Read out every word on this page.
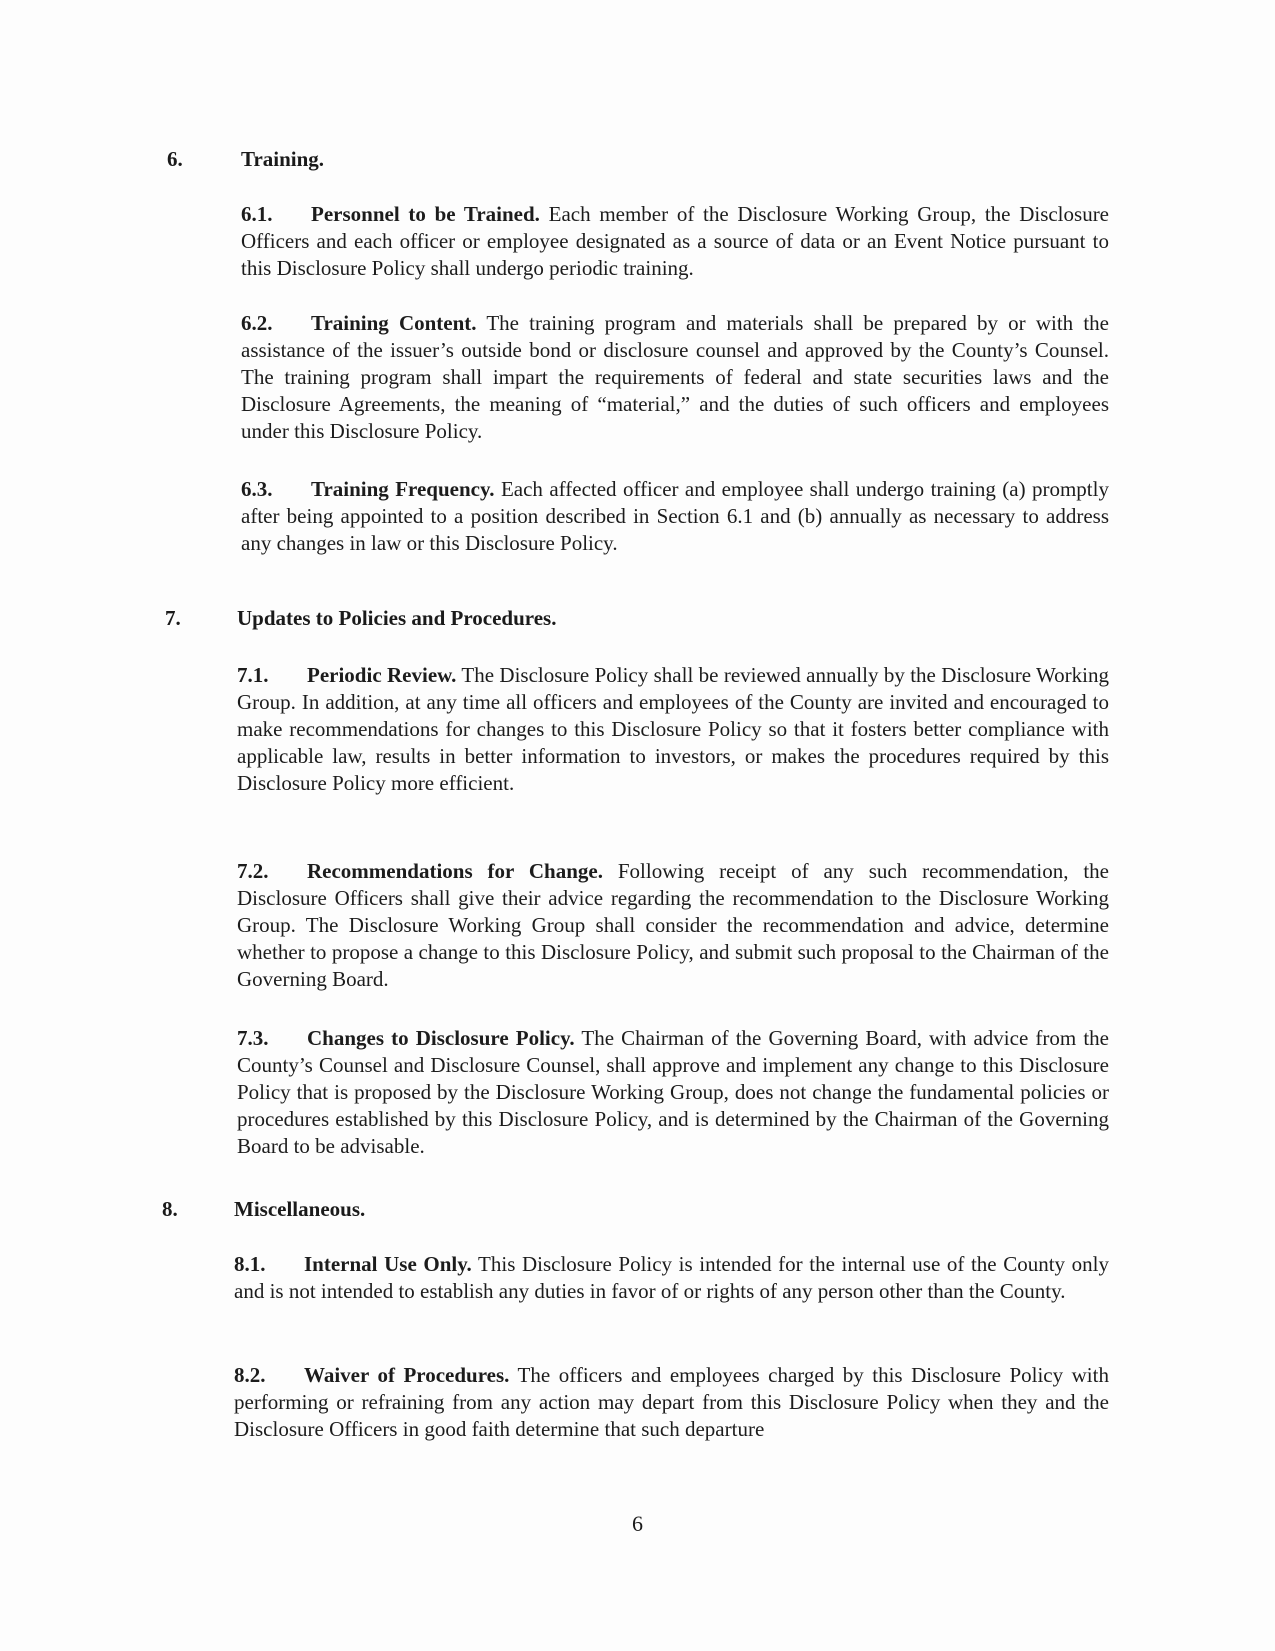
6.	Training.
6.1. Personnel to be Trained. Each member of the Disclosure Working Group, the Disclosure Officers and each officer or employee designated as a source of data or an Event Notice pursuant to this Disclosure Policy shall undergo periodic training.
6.2. Training Content. The training program and materials shall be prepared by or with the assistance of the issuer’s outside bond or disclosure counsel and approved by the County’s Counsel. The training program shall impart the requirements of federal and state securities laws and the Disclosure Agreements, the meaning of “material,” and the duties of such officers and employees under this Disclosure Policy.
6.3. Training Frequency. Each affected officer and employee shall undergo training (a) promptly after being appointed to a position described in Section 6.1 and (b) annually as necessary to address any changes in law or this Disclosure Policy.
7.	Updates to Policies and Procedures.
7.1. Periodic Review. The Disclosure Policy shall be reviewed annually by the Disclosure Working Group. In addition, at any time all officers and employees of the County are invited and encouraged to make recommendations for changes to this Disclosure Policy so that it fosters better compliance with applicable law, results in better information to investors, or makes the procedures required by this Disclosure Policy more efficient.
7.2. Recommendations for Change. Following receipt of any such recommendation, the Disclosure Officers shall give their advice regarding the recommendation to the Disclosure Working Group. The Disclosure Working Group shall consider the recommendation and advice, determine whether to propose a change to this Disclosure Policy, and submit such proposal to the Chairman of the Governing Board.
7.3. Changes to Disclosure Policy. The Chairman of the Governing Board, with advice from the County’s Counsel and Disclosure Counsel, shall approve and implement any change to this Disclosure Policy that is proposed by the Disclosure Working Group, does not change the fundamental policies or procedures established by this Disclosure Policy, and is determined by the Chairman of the Governing Board to be advisable.
8.	Miscellaneous.
8.1. Internal Use Only. This Disclosure Policy is intended for the internal use of the County only and is not intended to establish any duties in favor of or rights of any person other than the County.
8.2. Waiver of Procedures. The officers and employees charged by this Disclosure Policy with performing or refraining from any action may depart from this Disclosure Policy when they and the Disclosure Officers in good faith determine that such departure
6
